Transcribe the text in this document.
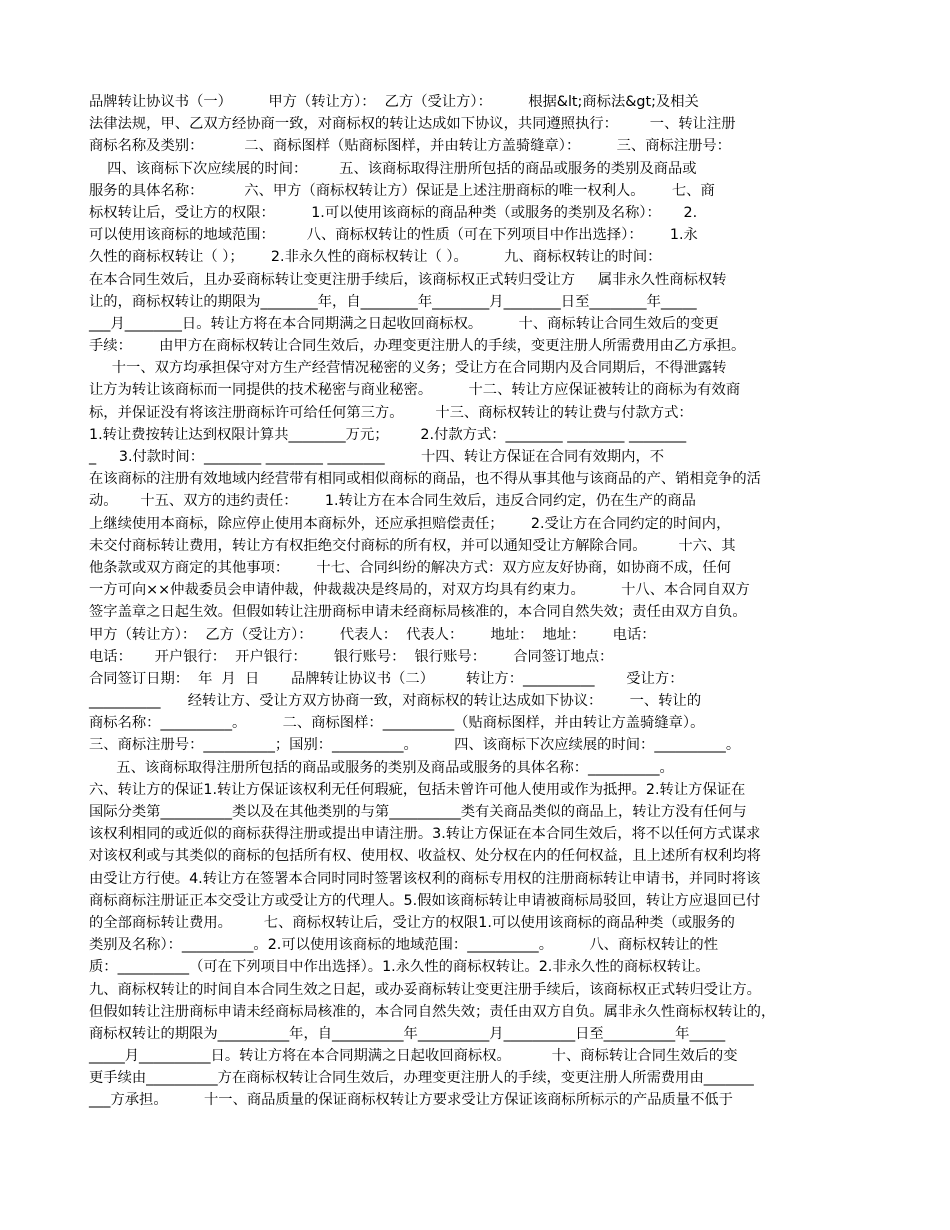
品牌转让协议书（一）        甲方（转让方）：  乙方（受让方）：        根据&lt;商标法&gt;及相关
法律法规，甲、乙双方经协商一致，对商标权的转让达成如下协议，共同遵照执行：       一、转让注册
商标名称及类别：         二、商标图样（贴商标图样，并由转让方盖骑缝章）：        三、商标注册号：
四、该商标下次应续展的时间：       五、该商标取得注册所包括的商品或服务的类别及商品或
服务的具体名称：         六、甲方（商标权转让方）保证是上述注册商标的唯一权利人。      七、商
标权转让后，受让方的权限：        1.可以使用该商标的商品种类（或服务的类别及名称）：     2.
可以使用该商标的地域范围：       八、商标权转让的性质（可在下列项目中作出选择）：      1.永
久性的商标权转让（ ）；      2.非永久性的商标权转让（ ）。        九、商标权转让的时间：
在本合同生效后，且办妥商标转让变更注册手续后，该商标权正式转归受让方     属非永久性商标权转
让的，商标权转让的期限为________年，自________年________月________日至________年_____
___月________日。转让方将在本合同期满之日起收回商标权。        十、商标转让合同生效后的变更
手续：      由甲方在商标权转让合同生效后，办理变更注册人的手续，变更注册人所需费用由乙方承担。
十一、双方均承担保守对方生产经营情况秘密的义务；受让方在合同期内及合同期后，不得泄露转
让方为转让该商标而一同提供的技术秘密与商业秘密。        十二、转让方应保证被转让的商标为有效商
标，并保证没有将该注册商标许可给任何第三方。       十三、商标权转让的转让费与付款方式：
1.转让费按转让达到权限计算共________万元；       2.付款方式：________ ________ ________
_     3.付款时间：________ ________ ________        十四、转让方保证在合同有效期内，不
在该商标的注册有效地域内经营带有相同或相似商标的商品，也不得从事其他与该商品的产、销相竞争的活
动。     十五、双方的违约责任：      1.转让方在本合同生效后，违反合同约定，仍在生产的商品
上继续使用本商标，除应停止使用本商标外，还应承担赔偿责任；      2.受让方在合同约定的时间内，
未交付商标转让费用，转让方有权拒绝交付商标的所有权，并可以通知受让方解除合同。       十六、其
他条款或双方商定的其他事项：      十七、合同纠纷的解决方式：双方应友好协商，如协商不成，任何
一方可向××仲裁委员会申请仲裁，仲裁裁决是终局的，对双方均具有约束力。        十八、本合同自双方
签字盖章之日起生效。但假如转让注册商标申请未经商标局核准的，本合同自然失效；责任由双方自负。
甲方（转让方）：  乙方（受让方）：      代表人：  代表人：      地址：  地址：      电话：
电话：     开户银行：  开户银行：      银行账号：  银行账号：      合同签订地点：
合同签订日期：  年  月  日       品牌转让协议书（二）       转让方：__________       受让方：
__________      经转让方、受让方双方协商一致，对商标权的转让达成如下协议：      一、转让的
商标名称：__________。        二、商标图样：__________（贴商标图样，并由转让方盖骑缝章）。
三、商标注册号：__________；国别：__________。        四、该商标下次应续展的时间：__________。
五、该商标取得注册所包括的商品或服务的类别及商品或服务的具体名称：__________。
六、转让方的保证1.转让方保证该权利无任何瑕疵，包括未曾许可他人使用或作为抵押。2.转让方保证在
国际分类第__________类以及在其他类别的与第__________类有关商品类似的商品上，转让方没有任何与
该权利相同的或近似的商标获得注册或提出申请注册。3.转让方保证在本合同生效后，将不以任何方式谋求
对该权利或与其类似的商标的包括所有权、使用权、收益权、处分权在内的任何权益，且上述所有权利均将
由受让方行使。4.转让方在签署本合同时同时签署该权利的商标专用权的注册商标转让申请书，并同时将该
商标商标注册证正本交受让方或受让方的代理人。5.假如该商标转让申请被商标局驳回，转让方应退回已付
的全部商标转让费用。       七、商标权转让后，受让方的权限1.可以使用该商标的商品种类（或服务的
类别及名称）：__________。2.可以使用该商标的地域范围：__________。        八、商标权转让的性
质：__________（可在下列项目中作出选择）。1.永久性的商标权转让。2.非永久性的商标权转让。
九、商标权转让的时间自本合同生效之日起，或办妥商标转让变更注册手续后，该商标权正式转归受让方。
但假如转让注册商标申请未经商标局核准的，本合同自然失效；责任由双方自负。属非永久性商标权转让的，
商标权转让的期限为__________年，自__________年__________月__________日至__________年_____
_____月__________日。转让方将在本合同期满之日起收回商标权。         十、商标转让合同生效后的变
更手续由__________方在商标权转让合同生效后，办理变更注册人的手续，变更注册人所需费用由_______
___方承担。        十一、商品质量的保证商标权转让方要求受让方保证该商标所标示的产品质量不低于
